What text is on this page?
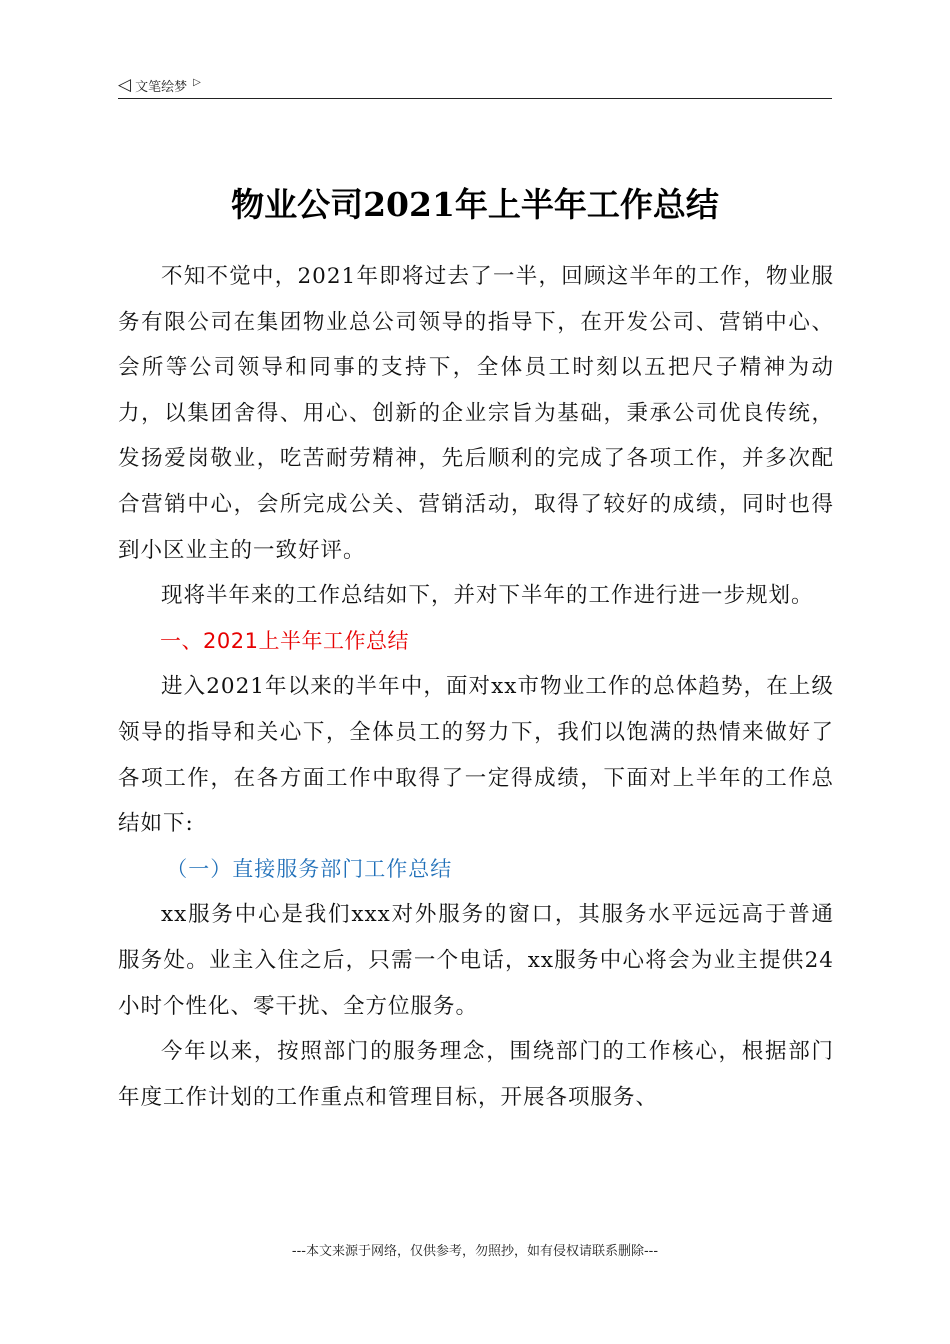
◁ 文笔绘梦 ▷
物业公司2021年上半年工作总结

不知不觉中，2021年即将过去了一半，回顾这半年的工作，物业服务有限公司在集团物业总公司领导的指导下，在开发公司、营销中心、会所等公司领导和同事的支持下，全体员工时刻以五把尺子精神为动力，以集团舍得、用心、创新的企业宗旨为基础，秉承公司优良传统，发扬爱岗敬业，吃苦耐劳精神，先后顺利的完成了各项工作，并多次配合营销中心，会所完成公关、营销活动，取得了较好的成绩，同时也得到小区业主的一致好评。

现将半年来的工作总结如下，并对下半年的工作进行进一步规划。

一、2021上半年工作总结

进入2021年以来的半年中，面对xx市物业工作的总体趋势，在上级领导的指导和关心下，全体员工的努力下，我们以饱满的热情来做好了各项工作，在各方面工作中取得了一定得成绩，下面对上半年的工作总结如下:

（一）直接服务部门工作总结

xx服务中心是我们xxx对外服务的窗口，其服务水平远远高于普通服务处。业主入住之后，只需一个电话，xx服务中心将会为业主提供24小时个性化、零干扰、全方位服务。

今年以来，按照部门的服务理念，围绕部门的工作核心，根据部门年度工作计划的工作重点和管理目标，开展各项服务、

---本文来源于网络，仅供参考，勿照抄，如有侵权请联系删除---
